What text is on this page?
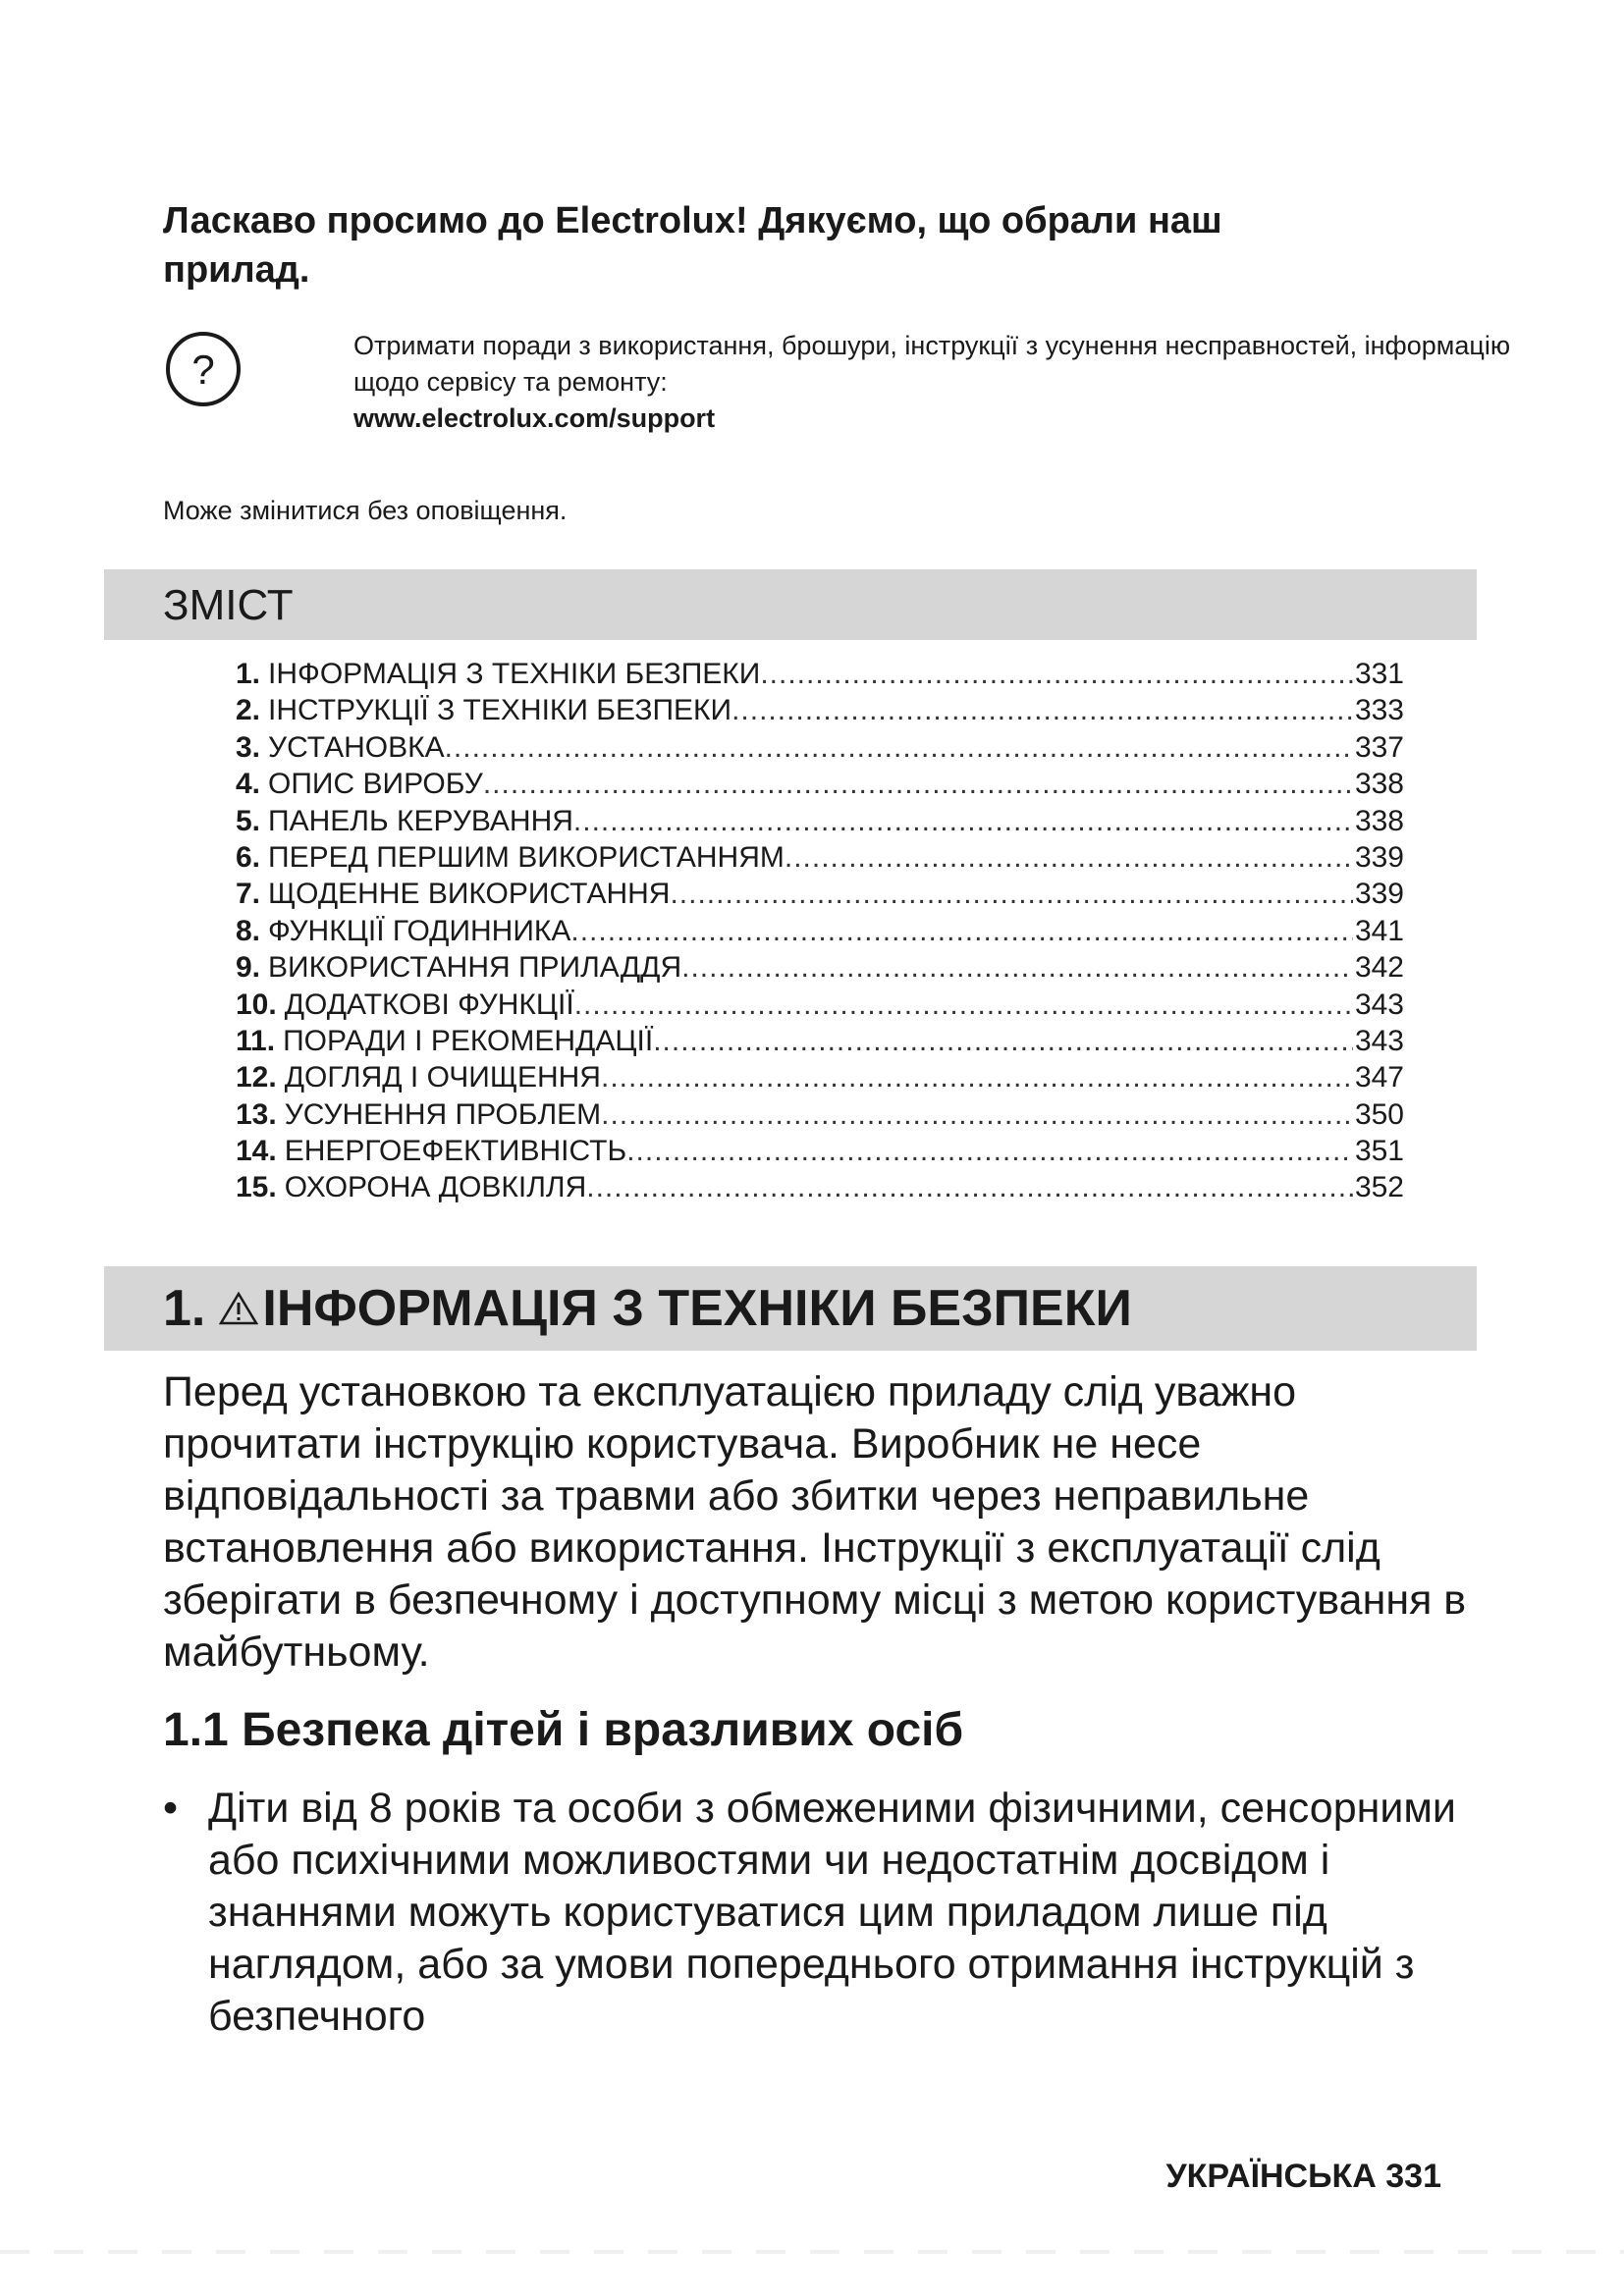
Ласкаво просимо до Electrolux! Дякуємо, що обрали наш прилад.
?
Отримати поради з використання, брошури, інструкції з усунення несправностей, інформацію щодо сервісу та ремонту:
www.electrolux.com/support
Може змінитися без оповіщення.
ЗМІСТ
1. ІНФОРМАЦІЯ З ТЕХНІКИ БЕЗПЕКИ .....	331
2. ІНСТРУКЦІЇ З ТЕХНІКИ БЕЗПЕКИ .....	333
3. УСТАНОВКА .....	337
4. ОПИС ВИРОБУ .....	338
5. ПАНЕЛЬ КЕРУВАННЯ .....	338
6. ПЕРЕД ПЕРШИМ ВИКОРИСТАННЯМ .....	339
7. ЩОДЕННЕ ВИКОРИСТАННЯ .....	339
8. ФУНКЦІЇ ГОДИННИКА .....	341
9. ВИКОРИСТАННЯ ПРИЛАДДЯ .....	342
10. ДОДАТКОВІ ФУНКЦІЇ .....	343
11. ПОРАДИ І РЕКОМЕНДАЦІЇ .....	343
12. ДОГЛЯД І ОЧИЩЕННЯ .....	347
13. УСУНЕННЯ ПРОБЛЕМ .....	350
14. ЕНЕРГОЕФЕКТИВНІСТЬ .....	351
15. ОХОРОНА ДОВКІЛЛЯ .....	352
1. ІНФОРМАЦІЯ З ТЕХНІКИ БЕЗПЕКИ

Перед установкою та експлуатацією приладу слід уважно прочитати інструкцію користувача. Виробник не несе відповідальності за травми або збитки через неправильне встановлення або використання. Інструкції з експлуатації слід зберігати в безпечному і доступному місці з метою користування в майбутньому.

1.1 Безпека дітей і вразливих осіб

• Діти від 8 років та особи з обмеженими фізичними, сенсорними або психічними можливостями чи недостатнім досвідом і знаннями можуть користуватися цим приладом лише під наглядом, або за умови попереднього отримання інструкцій з безпечного

УКРАЇНСЬКА 331
